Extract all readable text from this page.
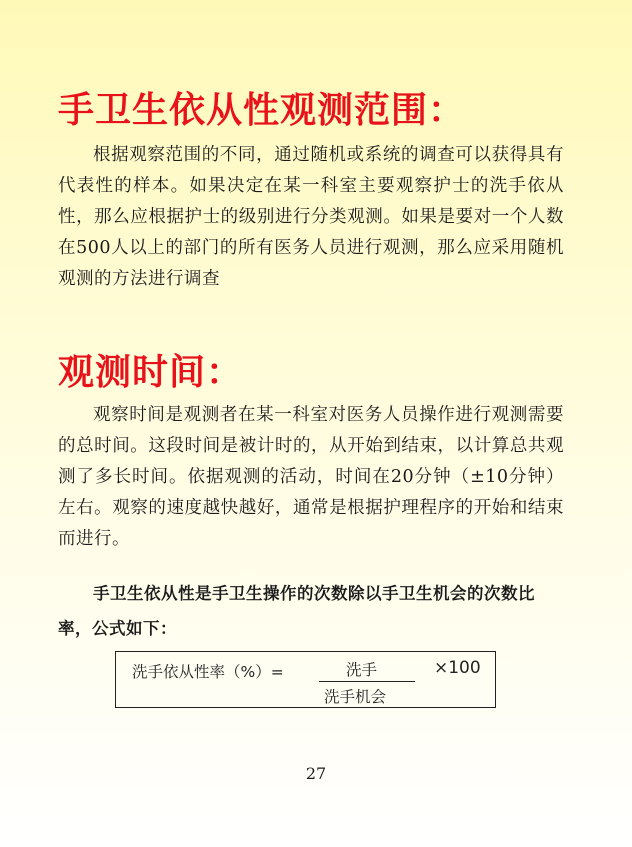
手卫生依从性观测范围：
根据观察范围的不同，通过随机或系统的调查可以获得具有代表性的样本。如果决定在某一科室主要观察护士的洗手依从性，那么应根据护士的级别进行分类观测。如果是要对一个人数在500人以上的部门的所有医务人员进行观测，那么应采用随机观测的方法进行调查
观测时间：
观察时间是观测者在某一科室对医务人员操作进行观测需要的总时间。这段时间是被计时的，从开始到结束，以计算总共观测了多长时间。依据观测的活动，时间在20分钟（±10分钟）左右。观察的速度越快越好，通常是根据护理程序的开始和结束而进行。
手卫生依从性是手卫生操作的次数除以手卫生机会的次数比率，公式如下：
洗手依从性率（%）=	洗手
洗手机会
×100
27
